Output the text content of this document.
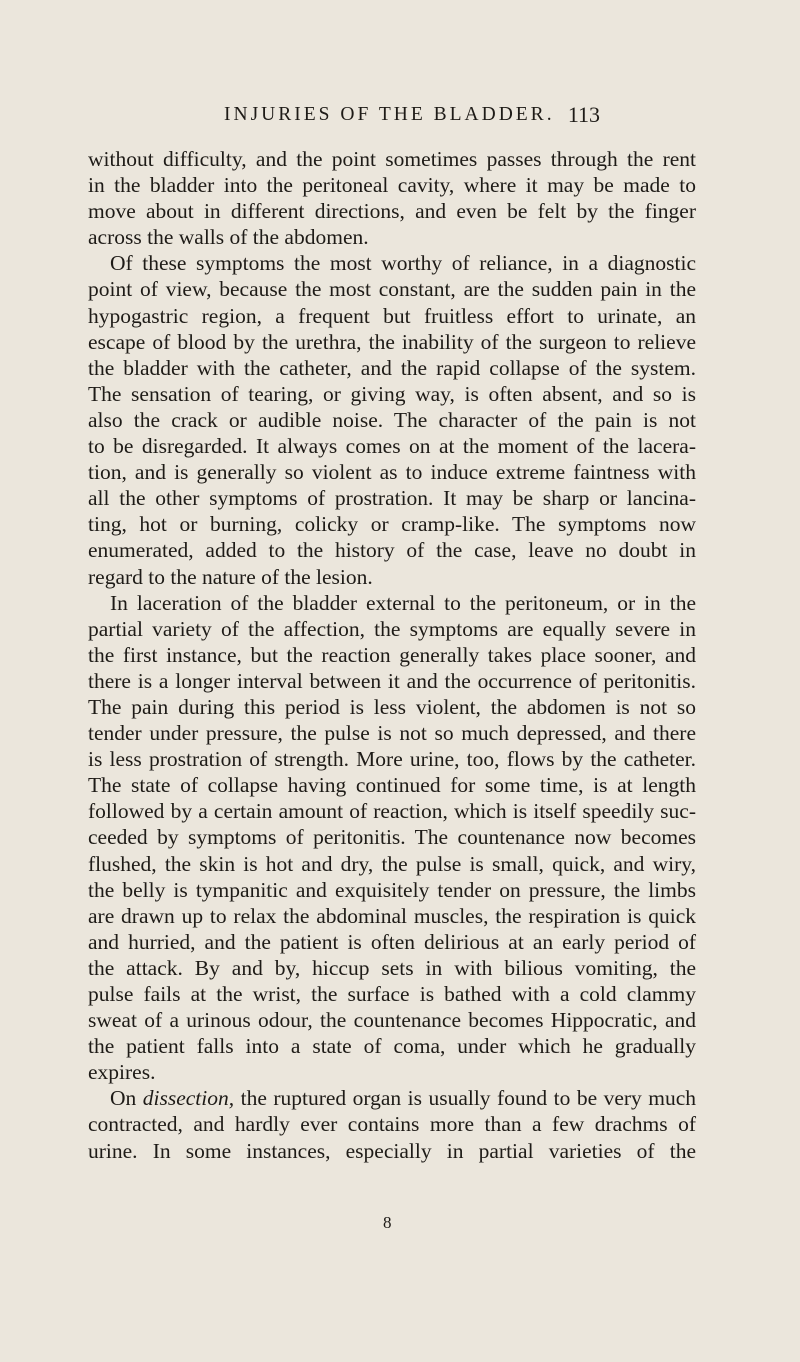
INJURIES OF THE BLADDER. 113
without difficulty, and the point sometimes passes through the rent
in the bladder into the peritoneal cavity, where it may be made to
move about in different directions, and even be felt by the finger
across the walls of the abdomen.
Of these symptoms the most worthy of reliance, in a diagnostic
point of view, because the most constant, are the sudden pain in the
hypogastric region, a frequent but fruitless effort to urinate, an
escape of blood by the urethra, the inability of the surgeon to relieve
the bladder with the catheter, and the rapid collapse of the system.
The sensation of tearing, or giving way, is often absent, and so is
also the crack or audible noise. The character of the pain is not
to be disregarded. It always comes on at the moment of the lacera-
tion, and is generally so violent as to induce extreme faintness with
all the other symptoms of prostration. It may be sharp or lancina-
ting, hot or burning, colicky or cramp-like. The symptoms now
enumerated, added to the history of the case, leave no doubt in
regard to the nature of the lesion.
In laceration of the bladder external to the peritoneum, or in the
partial variety of the affection, the symptoms are equally severe in
the first instance, but the reaction generally takes place sooner, and
there is a longer interval between it and the occurrence of peritonitis.
The pain during this period is less violent, the abdomen is not so
tender under pressure, the pulse is not so much depressed, and there
is less prostration of strength. More urine, too, flows by the catheter.
The state of collapse having continued for some time, is at length
followed by a certain amount of reaction, which is itself speedily suc-
ceeded by symptoms of peritonitis. The countenance now becomes
flushed, the skin is hot and dry, the pulse is small, quick, and wiry,
the belly is tympanitic and exquisitely tender on pressure, the limbs
are drawn up to relax the abdominal muscles, the respiration is quick
and hurried, and the patient is often delirious at an early period of
the attack. By and by, hiccup sets in with bilious vomiting, the
pulse fails at the wrist, the surface is bathed with a cold clammy
sweat of a urinous odour, the countenance becomes Hippocratic, and
the patient falls into a state of coma, under which he gradually
expires.
On dissection, the ruptured organ is usually found to be very much
contracted, and hardly ever contains more than a few drachms of
urine. In some instances, especially in partial varieties of the
8
